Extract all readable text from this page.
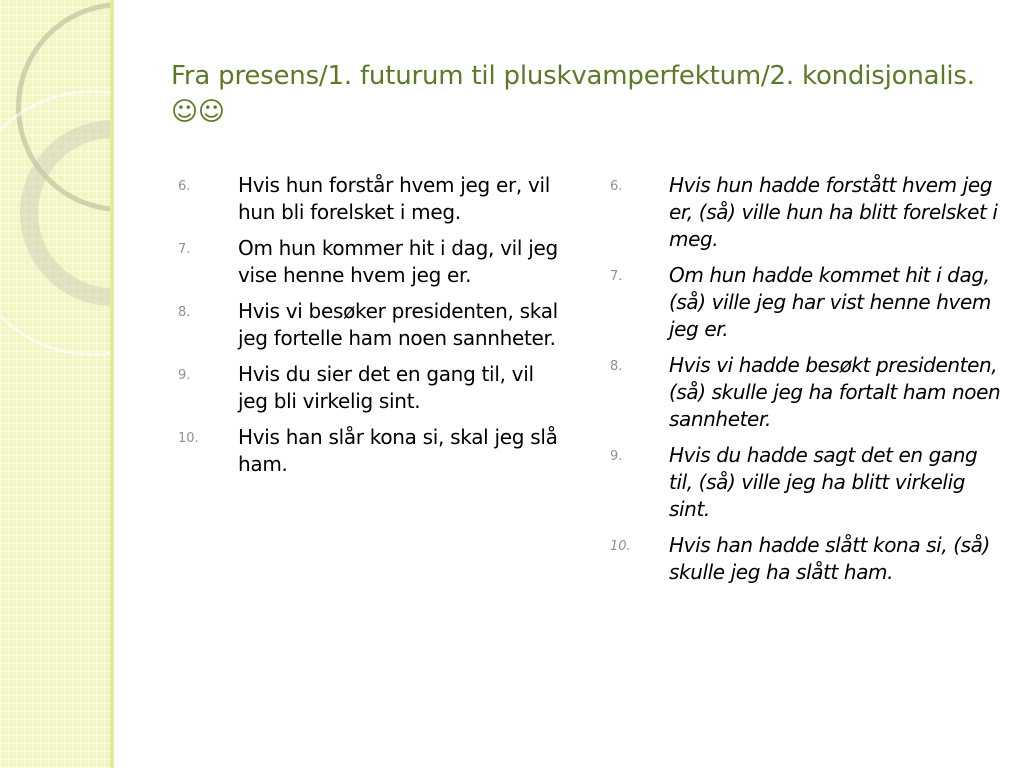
Fra presens/1. futurum til pluskvamperfektum/2. kondisjonalis. ☺☺
6.	Hvis hun forstår hvem jeg er, vil hun bli forelsket i meg.
7.	Om hun kommer hit i dag, vil jeg vise henne hvem jeg er.
8.	Hvis vi besøker presidenten, skal jeg fortelle ham noen sannheter.
9.	Hvis du sier det en gang til, vil jeg bli virkelig sint.
10.	Hvis han slår kona si, skal jeg slå ham.
6.	Hvis hun hadde forstått hvem jeg er, (så) ville hun ha blitt forelsket i meg.
7.	Om hun hadde kommet hit i dag, (så) ville jeg har vist henne hvem jeg er.
8.	Hvis vi hadde besøkt presidenten, (så) skulle jeg ha fortalt ham noen sannheter.
9.	Hvis du hadde sagt det en gang til, (så) ville jeg ha blitt virkelig sint.
10.	Hvis han hadde slått kona si, (så) skulle jeg ha slått ham.
